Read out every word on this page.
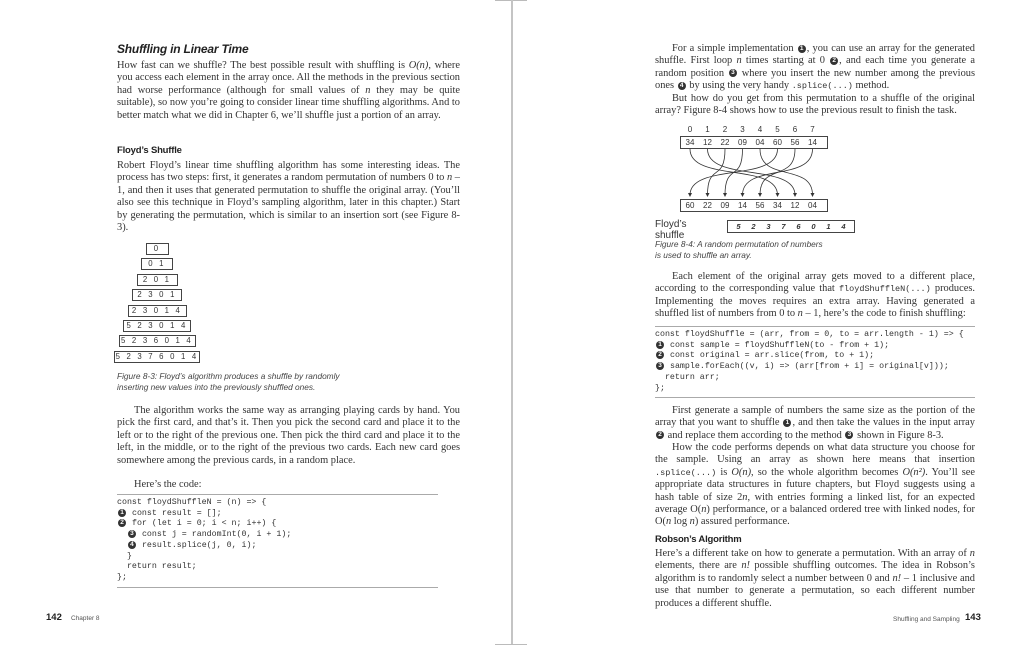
Shuffling in Linear Time
How fast can we shuffle? The best possible result with shuffling is O(n), where you access each element in the array once. All the methods in the previous section had worse performance (although for small values of n they may be quite suitable), so now you’re going to consider linear time shuffling algorithms. And to better match what we did in Chapter 6, we’ll shuffle just a portion of an array.
Floyd’s Shuffle
Robert Floyd’s linear time shuffling algorithm has some interesting ideas. The process has two steps: first, it generates a random permutation of numbers 0 to n – 1, and then it uses that generated permutation to shuffle the original array. (You’ll also see this technique in Floyd’s sampling algorithm, later in this chapter.) Start by generating the permutation, which is similar to an insertion sort (see Figure 8-3).
0
0 1
2 0 1
2 3 0 1
2 3 0 1 4
5 2 3 0 1 4
5 2 3 6 0 1 4
5 2 3 7 6 0 1 4
Figure 8-3: Floyd’s algorithm produces a shuffle by randomly
inserting new values into the previously shuffled ones.
The algorithm works the same way as arranging playing cards by hand. You pick the first card, and that’s it. Then you pick the second card and place it to the left or to the right of the previous one. Then pick the third card and place it to the left, in the middle, or to the right of the previous two cards. Each new card goes somewhere among the previous cards, in a random place.
Here’s the code:
const floydShuffleN = (n) => {
1 const result = [];
2 for (let i = 0; i < n; i++) {
3 const j = randomInt(0, i + 1);
4 result.splice(j, 0, i);
}
return result;
};
142 Chapter 8
For a simple implementation 1 , you can use an array for the generated shuffle. First loop n times starting at 0 2 , and each time you generate a random position 3 where you insert the new number among the previous ones 4 by using the very handy .splice(...) method.
But how do you get from this permutation to a shuffle of the original array? Figure 8-4 shows how to use the previous result to finish the task.
0	1	2	3	4	5	6	7
34	12	22	09	04	60	56	14
60	22	09	14	56	34	12	04
Floyd’s shuffle
5	2	3	7	6	0	1	4
Figure 8-4: A random permutation of numbers
is used to shuffle an array.
Each element of the original array gets moved to a different place, according to the corresponding value that floydShuffleN(...) produces. Implementing the moves requires an extra array. Having generated a shuffled list of numbers from 0 to n – 1, here’s the code to finish shuffling:
const floydShuffle = (arr, from = 0, to = arr.length - 1) => {
1 const sample = floydShuffleN(to - from + 1);
2 const original = arr.slice(from, to + 1);
3 sample.forEach((v, i) => (arr[from + i] = original[v]));
return arr;
};
First generate a sample of numbers the same size as the portion of the array that you want to shuffle 1 , and then take the values in the input array 2 and replace them according to the method 3 shown in Figure 8-3.
How the code performs depends on what data structure you choose for the sample. Using an array as shown here means that insertion .splice(...) is O(n), so the whole algorithm becomes O(n²). You’ll see appropriate data structures in future chapters, but Floyd suggests using a hash table of size 2n, with entries forming a linked list, for an expected average O(n) performance, or a balanced ordered tree with linked nodes, for O(n log n) assured performance.
Robson’s Algorithm
Here’s a different take on how to generate a permutation. With an array of n elements, there are n! possible shuffling outcomes. The idea in Robson’s algorithm is to randomly select a number between 0 and n! – 1 inclusive and use that number to generate a permutation, so each different number produces a different shuffle.
Shuffling and Sampling 143
